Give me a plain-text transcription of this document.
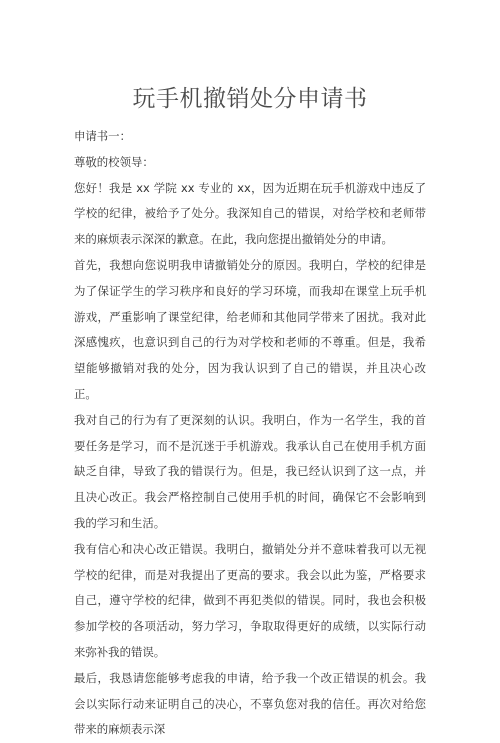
玩手机撤销处分申请书

申请书一：

尊敬的校领导：

您好！我是 xx 学院 xx 专业的 xx，因为近期在玩手机游戏中违反了学校的纪律，被给予了处分。我深知自己的错误，对给学校和老师带来的麻烦表示深深的歉意。在此，我向您提出撤销处分的申请。

首先，我想向您说明我申请撤销处分的原因。我明白，学校的纪律是为了保证学生的学习秩序和良好的学习环境，而我却在课堂上玩手机游戏，严重影响了课堂纪律，给老师和其他同学带来了困扰。我对此深感愧疚，也意识到自己的行为对学校和老师的不尊重。但是，我希望能够撤销对我的处分，因为我认识到了自己的错误，并且决心改正。

我对自己的行为有了更深刻的认识。我明白，作为一名学生，我的首要任务是学习，而不是沉迷于手机游戏。我承认自己在使用手机方面缺乏自律，导致了我的错误行为。但是，我已经认识到了这一点，并且决心改正。我会严格控制自己使用手机的时间，确保它不会影响到我的学习和生活。

我有信心和决心改正错误。我明白，撤销处分并不意味着我可以无视学校的纪律，而是对我提出了更高的要求。我会以此为鉴，严格要求自己，遵守学校的纪律，做到不再犯类似的错误。同时，我也会积极参加学校的各项活动，努力学习，争取取得更好的成绩，以实际行动来弥补我的错误。

最后，我恳请您能够考虑我的申请，给予我一个改正错误的机会。我会以实际行动来证明自己的决心，不辜负您对我的信任。再次对给您带来的麻烦表示深
